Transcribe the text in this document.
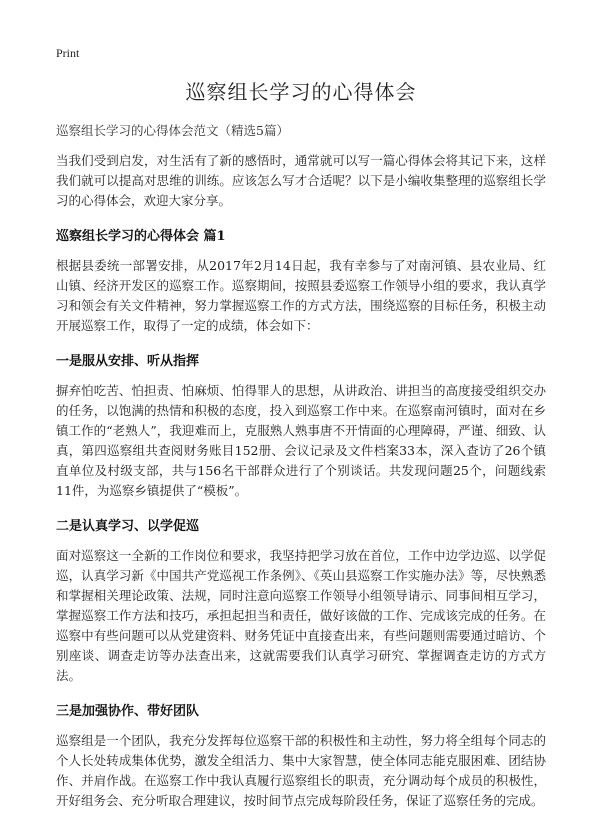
Print
巡察组长学习的心得体会
巡察组长学习的心得体会范文（精选5篇）

当我们受到启发，对生活有了新的感悟时，通常就可以写一篇心得体会将其记下来，这样我们就可以提高对思维的训练。应该怎么写才合适呢？以下是小编收集整理的巡察组长学习的心得体会，欢迎大家分享。

巡察组长学习的心得体会 篇1

根据县委统一部署安排，从2017年2月14日起，我有幸参与了对南河镇、县农业局、红山镇、经济开发区的巡察工作。巡察期间，按照县委巡察工作领导小组的要求，我认真学习和领会有关文件精神，努力掌握巡察工作的方式方法，围绕巡察的目标任务，积极主动开展巡察工作，取得了一定的成绩，体会如下：

一是服从安排、听从指挥

摒弃怕吃苦、怕担责、怕麻烦、怕得罪人的思想，从讲政治、讲担当的高度接受组织交办的任务，以饱满的热情和积极的态度，投入到巡察工作中来。在巡察南河镇时，面对在乡镇工作的“老熟人”，我迎难而上，克服熟人熟事唐不开情面的心理障碍，严谨、细致、认真，第四巡察组共查阅财务账目152册、会议记录及文件档案33本，深入查访了26个镇直单位及村级支部，共与156名干部群众进行了个别谈话。共发现问题25个，问题线索11件，为巡察乡镇提供了“模板”。

二是认真学习、以学促巡

面对巡察这一全新的工作岗位和要求，我坚持把学习放在首位，工作中边学边巡、以学促巡，认真学习新《中国共产党巡视工作条例》、《英山县巡察工作实施办法》等，尽快熟悉和掌握相关理论政策、法规，同时注意向巡察工作领导小组领导请示、同事间相互学习，掌握巡察工作方法和技巧，承担起担当和责任，做好该做的工作、完成该完成的任务。在巡察中有些问题可以从党建资料、财务凭证中直接查出来，有些问题则需要通过暗访、个别座谈、调查走访等办法查出来，这就需要我们认真学习研究、掌握调查走访的方式方法。

三是加强协作、带好团队

巡察组是一个团队，我充分发挥每位巡察干部的积极性和主动性，努力将全组每个同志的个人长处转成集体优势，激发全组活力、集中大家智慧，使全体同志能克服困难、团结协作、并肩作战。在巡察工作中我认真履行巡察组长的职责，充分调动每个成员的积极性，开好组务会、充分听取合理建议，按时间节点完成每阶段任务，保证了巡察任务的完成。
